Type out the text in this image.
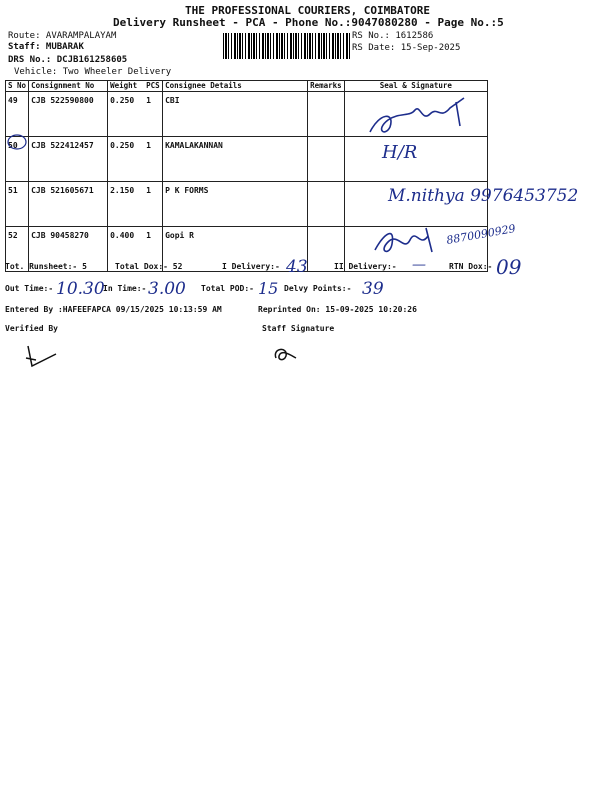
THE PROFESSIONAL COURIERS, COIMBATORE
Delivery Runsheet - PCA - Phone No.:9047080280 - Page No.:5
Route: AVARAMPALAYAM
Staff: MUBARAK
DRS No.: DCJB161258605
Vehicle: Two Wheeler Delivery
RS No.: 1612586
RS Date: 15-Sep-2025
S No	Consignment No	Weight	PCS	Consignee Details	Remarks	Seal & Signature
49	CJB 522590800	0.250	1	CBI		
50	CJB 522412457	0.250	1	KAMALAKANNAN		
51	CJB 521605671	2.150	1	P K FORMS		
52	CJB 90458270	0.400	1	Gopi R		
H/R
M.nithya 9976453752
8870090929
Tot. Runsheet:- 5	Total Dox:- 52	I Delivery:- 43	II Delivery:- —	RTN Dox:- 09
Out Time:- 10.30
In Time:- 3.00 Total POD:- 15 Delvy Points:- 39
Entered By :HAFEEFAPCA 09/15/2025 10:13:59 AM	Reprinted On: 15-09-2025 10:20:26
Verified By	Staff Signature
